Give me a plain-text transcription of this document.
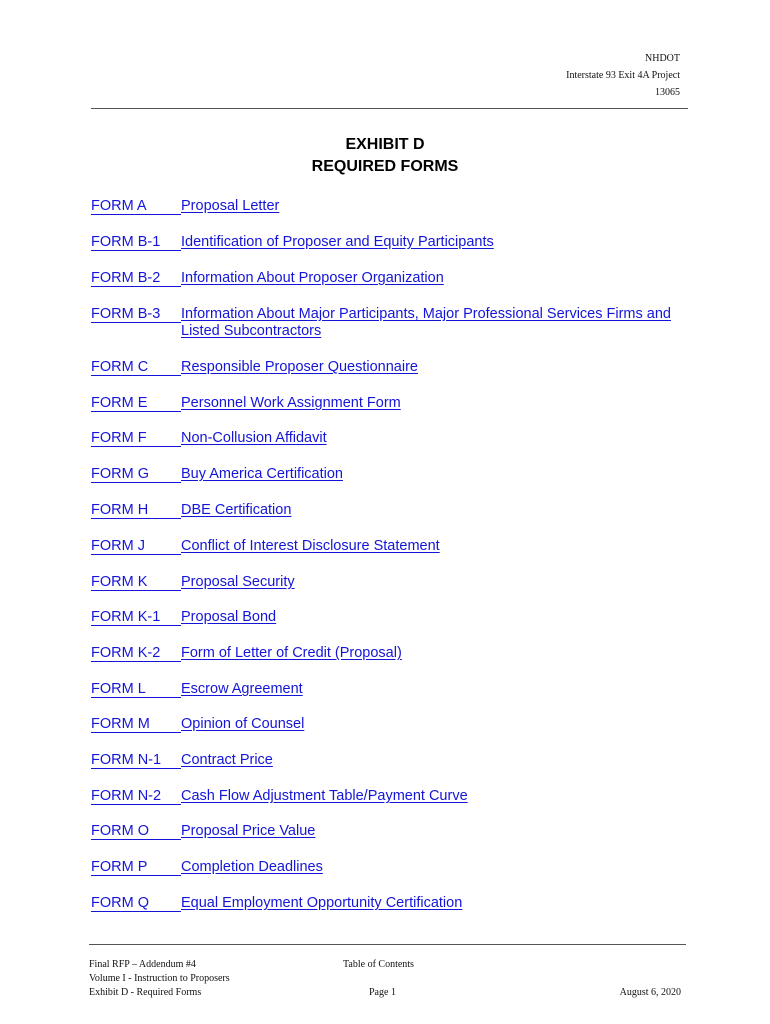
NHDOT
Interstate 93 Exit 4A Project
13065
EXHIBIT D
REQUIRED FORMS
FORM A	Proposal Letter
FORM B-1	Identification of Proposer and Equity Participants
FORM B-2	Information About Proposer Organization
FORM B-3	Information About Major Participants, Major Professional Services Firms and Listed Subcontractors
FORM C	Responsible Proposer Questionnaire
FORM E	Personnel Work Assignment Form
FORM F	Non-Collusion Affidavit
FORM G	Buy America Certification
FORM H	DBE Certification
FORM J	Conflict of Interest Disclosure Statement
FORM K	Proposal Security
FORM K-1	Proposal Bond
FORM K-2	Form of Letter of Credit (Proposal)
FORM L	Escrow Agreement
FORM M	Opinion of Counsel
FORM N-1	Contract Price
FORM N-2	Cash Flow Adjustment Table/Payment Curve
FORM O	Proposal Price Value
FORM P	Completion Deadlines
FORM Q	Equal Employment Opportunity Certification
Final RFP – Addendum #4
Volume I - Instruction to Proposers
Exhibit D - Required Forms
Table of Contents
Page 1	August 6, 2020
